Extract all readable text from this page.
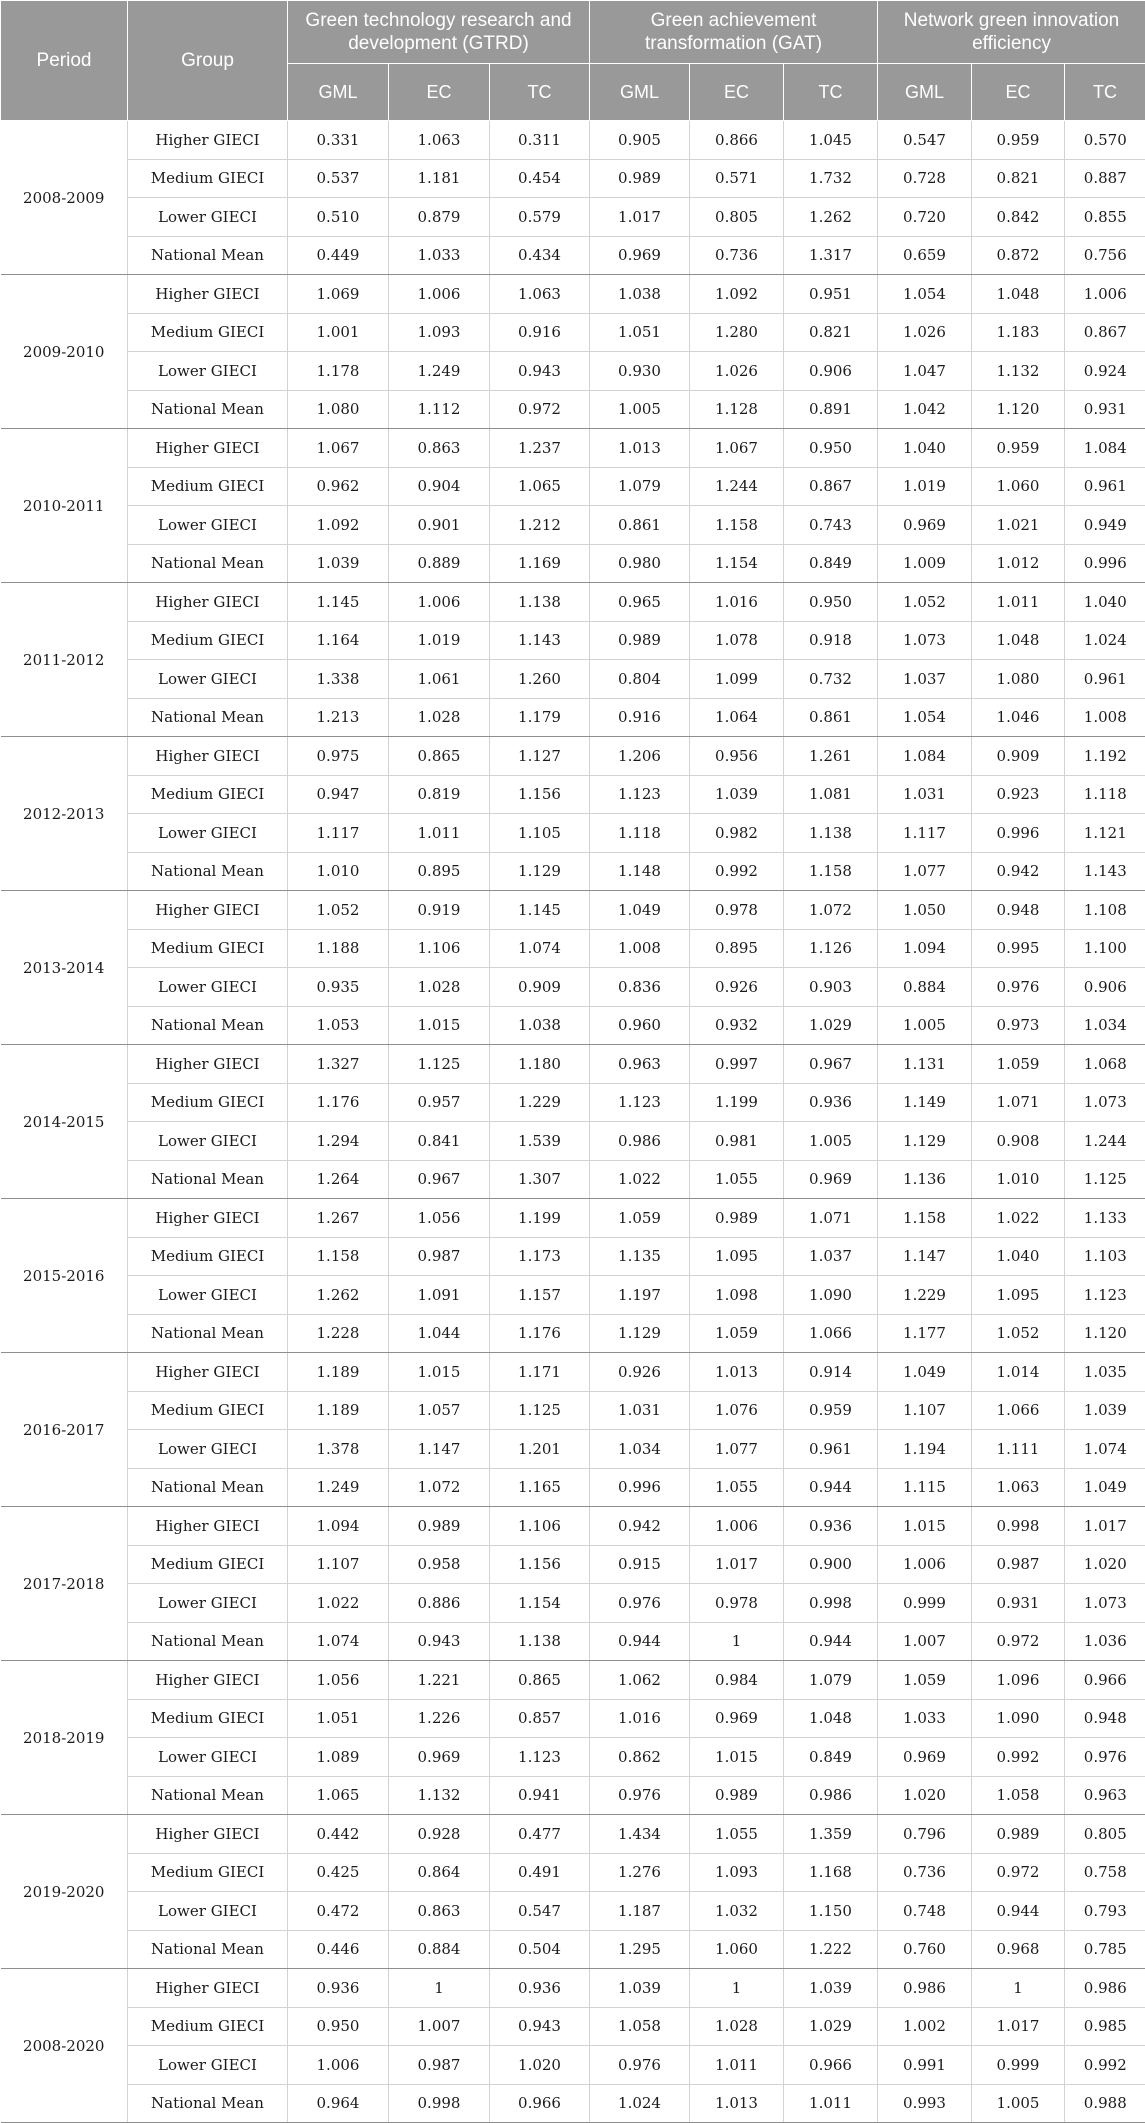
Period	Group	Green technology research and development (GTRD)			Green achievement transformation (GAT)			Network green innovation efficiency		
		GML	EC	TC	GML	EC	TC	GML	EC	TC
2008-2009	Higher GIECI	0.331	1.063	0.311	0.905	0.866	1.045	0.547	0.959	0.570
	Medium GIECI	0.537	1.181	0.454	0.989	0.571	1.732	0.728	0.821	0.887
	Lower GIECI	0.510	0.879	0.579	1.017	0.805	1.262	0.720	0.842	0.855
	National Mean	0.449	1.033	0.434	0.969	0.736	1.317	0.659	0.872	0.756
2009-2010	Higher GIECI	1.069	1.006	1.063	1.038	1.092	0.951	1.054	1.048	1.006
	Medium GIECI	1.001	1.093	0.916	1.051	1.280	0.821	1.026	1.183	0.867
	Lower GIECI	1.178	1.249	0.943	0.930	1.026	0.906	1.047	1.132	0.924
	National Mean	1.080	1.112	0.972	1.005	1.128	0.891	1.042	1.120	0.931
2010-2011	Higher GIECI	1.067	0.863	1.237	1.013	1.067	0.950	1.040	0.959	1.084
	Medium GIECI	0.962	0.904	1.065	1.079	1.244	0.867	1.019	1.060	0.961
	Lower GIECI	1.092	0.901	1.212	0.861	1.158	0.743	0.969	1.021	0.949
	National Mean	1.039	0.889	1.169	0.980	1.154	0.849	1.009	1.012	0.996
2011-2012	Higher GIECI	1.145	1.006	1.138	0.965	1.016	0.950	1.052	1.011	1.040
	Medium GIECI	1.164	1.019	1.143	0.989	1.078	0.918	1.073	1.048	1.024
	Lower GIECI	1.338	1.061	1.260	0.804	1.099	0.732	1.037	1.080	0.961
	National Mean	1.213	1.028	1.179	0.916	1.064	0.861	1.054	1.046	1.008
2012-2013	Higher GIECI	0.975	0.865	1.127	1.206	0.956	1.261	1.084	0.909	1.192
	Medium GIECI	0.947	0.819	1.156	1.123	1.039	1.081	1.031	0.923	1.118
	Lower GIECI	1.117	1.011	1.105	1.118	0.982	1.138	1.117	0.996	1.121
	National Mean	1.010	0.895	1.129	1.148	0.992	1.158	1.077	0.942	1.143
2013-2014	Higher GIECI	1.052	0.919	1.145	1.049	0.978	1.072	1.050	0.948	1.108
	Medium GIECI	1.188	1.106	1.074	1.008	0.895	1.126	1.094	0.995	1.100
	Lower GIECI	0.935	1.028	0.909	0.836	0.926	0.903	0.884	0.976	0.906
	National Mean	1.053	1.015	1.038	0.960	0.932	1.029	1.005	0.973	1.034
2014-2015	Higher GIECI	1.327	1.125	1.180	0.963	0.997	0.967	1.131	1.059	1.068
	Medium GIECI	1.176	0.957	1.229	1.123	1.199	0.936	1.149	1.071	1.073
	Lower GIECI	1.294	0.841	1.539	0.986	0.981	1.005	1.129	0.908	1.244
	National Mean	1.264	0.967	1.307	1.022	1.055	0.969	1.136	1.010	1.125
2015-2016	Higher GIECI	1.267	1.056	1.199	1.059	0.989	1.071	1.158	1.022	1.133
	Medium GIECI	1.158	0.987	1.173	1.135	1.095	1.037	1.147	1.040	1.103
	Lower GIECI	1.262	1.091	1.157	1.197	1.098	1.090	1.229	1.095	1.123
	National Mean	1.228	1.044	1.176	1.129	1.059	1.066	1.177	1.052	1.120
2016-2017	Higher GIECI	1.189	1.015	1.171	0.926	1.013	0.914	1.049	1.014	1.035
	Medium GIECI	1.189	1.057	1.125	1.031	1.076	0.959	1.107	1.066	1.039
	Lower GIECI	1.378	1.147	1.201	1.034	1.077	0.961	1.194	1.111	1.074
	National Mean	1.249	1.072	1.165	0.996	1.055	0.944	1.115	1.063	1.049
2017-2018	Higher GIECI	1.094	0.989	1.106	0.942	1.006	0.936	1.015	0.998	1.017
	Medium GIECI	1.107	0.958	1.156	0.915	1.017	0.900	1.006	0.987	1.020
	Lower GIECI	1.022	0.886	1.154	0.976	0.978	0.998	0.999	0.931	1.073
	National Mean	1.074	0.943	1.138	0.944	1	0.944	1.007	0.972	1.036
2018-2019	Higher GIECI	1.056	1.221	0.865	1.062	0.984	1.079	1.059	1.096	0.966
	Medium GIECI	1.051	1.226	0.857	1.016	0.969	1.048	1.033	1.090	0.948
	Lower GIECI	1.089	0.969	1.123	0.862	1.015	0.849	0.969	0.992	0.976
	National Mean	1.065	1.132	0.941	0.976	0.989	0.986	1.020	1.058	0.963
2019-2020	Higher GIECI	0.442	0.928	0.477	1.434	1.055	1.359	0.796	0.989	0.805
	Medium GIECI	0.425	0.864	0.491	1.276	1.093	1.168	0.736	0.972	0.758
	Lower GIECI	0.472	0.863	0.547	1.187	1.032	1.150	0.748	0.944	0.793
	National Mean	0.446	0.884	0.504	1.295	1.060	1.222	0.760	0.968	0.785
2008-2020	Higher GIECI	0.936	1	0.936	1.039	1	1.039	0.986	1	0.986
	Medium GIECI	0.950	1.007	0.943	1.058	1.028	1.029	1.002	1.017	0.985
	Lower GIECI	1.006	0.987	1.020	0.976	1.011	0.966	0.991	0.999	0.992
	National Mean	0.964	0.998	0.966	1.024	1.013	1.011	0.993	1.005	0.988
